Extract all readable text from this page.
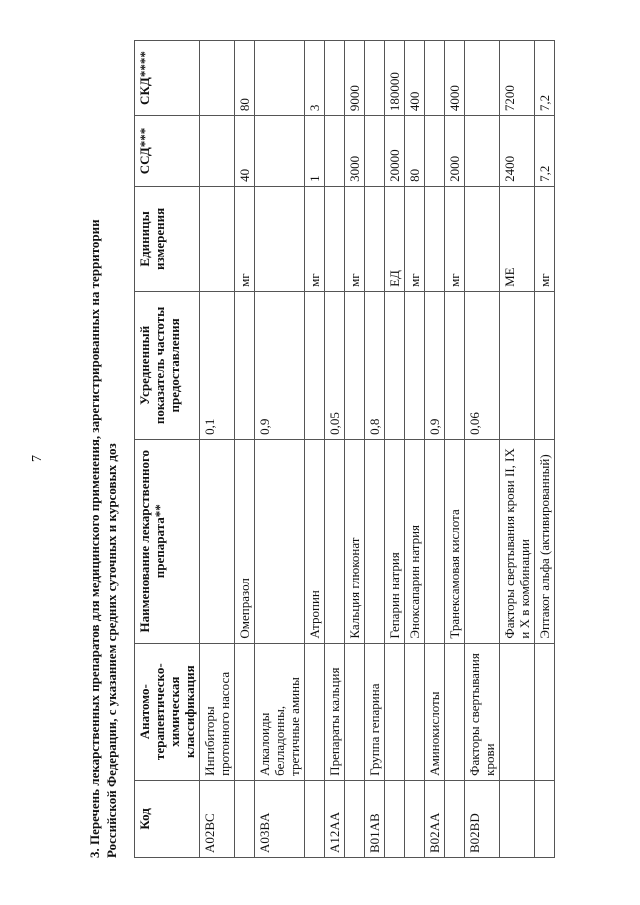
7	3. Перечень лекарственных препаратов для медицинского применения, зарегистрированных на территории Российской Федерации, с указанием средних суточных и курсовых доз Код	Анатомо-терапевтическо-химическая классификация	Наименование лекарственного препарата**	Усредненный показатель частоты предоставления	Единицы измерения	ССД***	СКД****
A02BC	Ингибиторы протонного насоса		0,1			
		Омепразол		мг	40	80
A03BA	Алкалоиды белладонны, третичные амины		0,9			
		Атропин		мг	1	3
A12AA	Препараты кальция		0,05			
		Кальция глюконат		мг	3000	9000
B01AB	Группа гепарина		0,8			
		Гепарин натрия		ЕД	20000	180000
		Эноксапарин натрия		мг	80	400
B02AA	Аминокислоты		0,9			
		Транексамовая кислота		мг	2000	4000
B02BD	Факторы свертывания крови		0,06			
		Факторы свертывания крови II, IX и X в комбинации		МЕ	2400	7200
		Эптаког альфа (активированный)		мг	7,2	7,2
